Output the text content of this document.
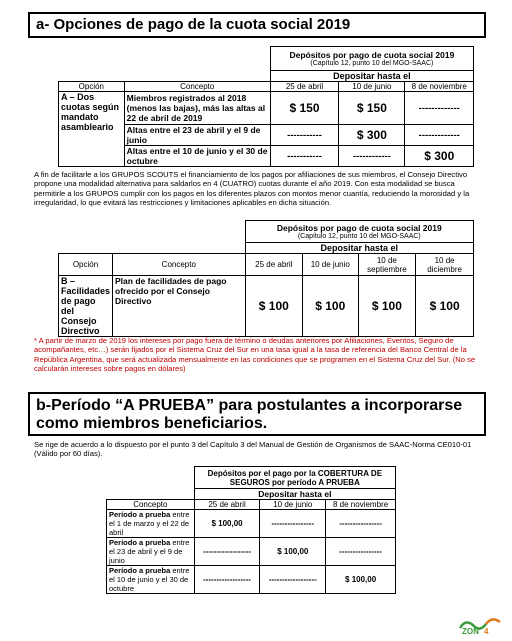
a- Opciones de pago de la cuota social 2019

		Depósitos por pago de cuota social 2019
(Capítulo 12, punto 10 del MGO-SAAC)		

		Depositar hasta el		
Opción	Concepto	25 de abril	10 de junio	8 de noviembre
A – Dos cuotas según mandato asambleario	Miembros registrados al 2018 (menos las bajas), más las altas al 22 de abril de 2019	$ 150	$ 150	-------------
	Altas entre el 23 de abril y el 9 de junio	-----------	$ 300	-------------
	Altas entre el 10 de junio y el 30 de octubre	-----------	------------	$ 300
A fin de facilitarle a los GRUPOS SCOUTS el financiamiento de los pagos por afiliaciones de sus miembros, el Consejo Directivo propone una modalidad alternativa para saldarlos en 4 (CUATRO) cuotas durante el año 2019. Con esta modalidad se busca permitirle a los GRUPOS cumplir con los pagos en los diferentes plazos con montos menor cuantía, reduciendo la morosidad y la irregularidad, lo que evitará las restricciones y limitaciones aplicables en dicha situación.

		Depósitos por pago de cuota social 2019
(Capítulo 12, punto 10 del MGO-SAAC)			

		Depositar hasta el			
Opción	Concepto	25 de abril	10 de junio	10 de septiembre	10 de diciembre
B – Facilidades de pago del Consejo Directivo	Plan de facilidades de pago ofrecido por el Consejo Directivo	$ 100	$ 100	$ 100	$ 100
* A partir de marzo de 2019 los intereses por pago fuera de término o deudas anteriores por Afiliaciones, Eventos, Seguro de acompañantes, etc…) serán fijados por el Sistema Cruz del Sur en una tasa igual a la tasa de referencia del Banco Central de la República Argentina, que será actualizada mensualmente en las condiciones que se programen en el Sistema Cruz del Sur. (No se calcularán intereses sobre pagos en dólares)
b-Período “A PRUEBA” para postulantes a incorporarse como miembros beneficiarios.
Se rige de acuerdo a lo dispuesto por el punto 3 del Capítulo 3 del Manual de Gestión de Organismos de SAAC-Norma CE010-01 (Válido por 60 días).
	Depósitos por el pago por la COBERTURA DE SEGUROS por período A PRUEBA		
	Depositar hasta el		
Concepto	25 de abril	10 de junio	8 de noviembre
Período a prueba entre el 1 de marzo y el 22 de abril	$ 100,00	----------------	----------------
Período a prueba entre el 23 de abril y el 9 de junio	------------------	$ 100,00	----------------
Período a prueba entre el 10 de junio y el 30 de octubre	------------------	------------------	$ 100,00
ZON 4
